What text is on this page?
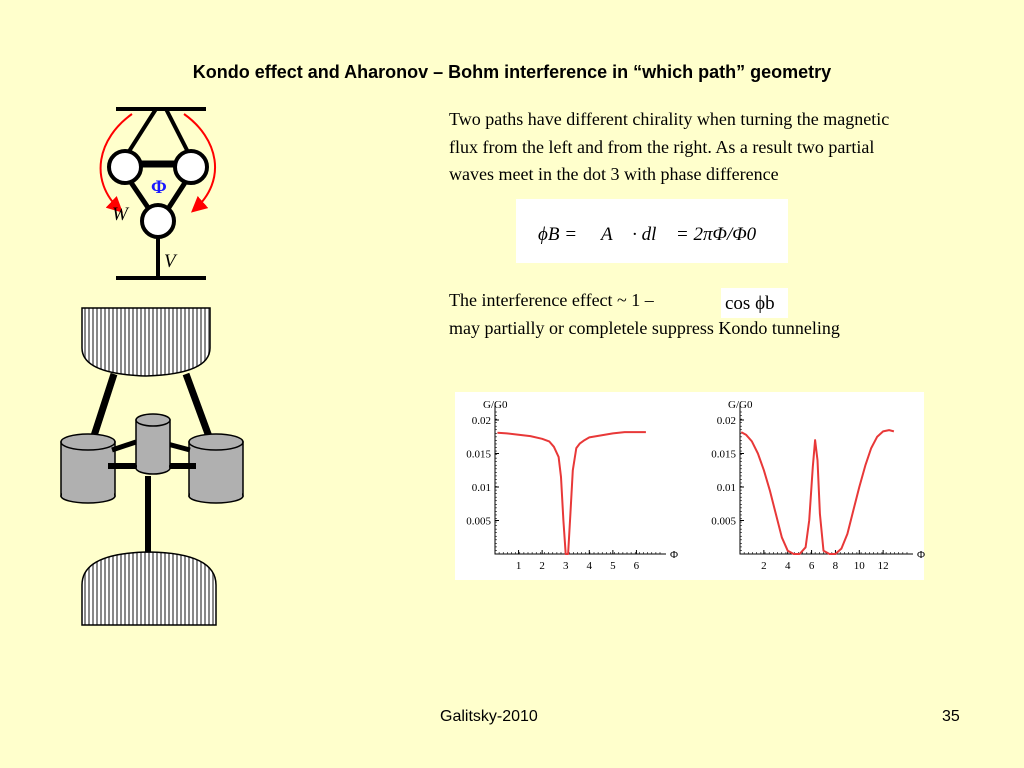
Kondo effect and Aharonov – Bohm interference in “which path” geometry
Φ
W
V
Two paths have different chirality when turning the magnetic
flux from the left and from the right. As a result two partial
waves meet in the dot 3 with phase difference
ϕB = ∮ A⃗ · dl⃗ = 2πΦ/Φ0
The interference effect ~ 1 –	cos ϕb
may partially or completele suppress Kondo tunneling
1 2 3 4 5 6
0.005
0.01
0.015
0.02
G/G0
Φ
2 4 6 8 10 12
0.005
0.01
0.015
0.02
G/G0
Φ
Galitsky-2010	35
